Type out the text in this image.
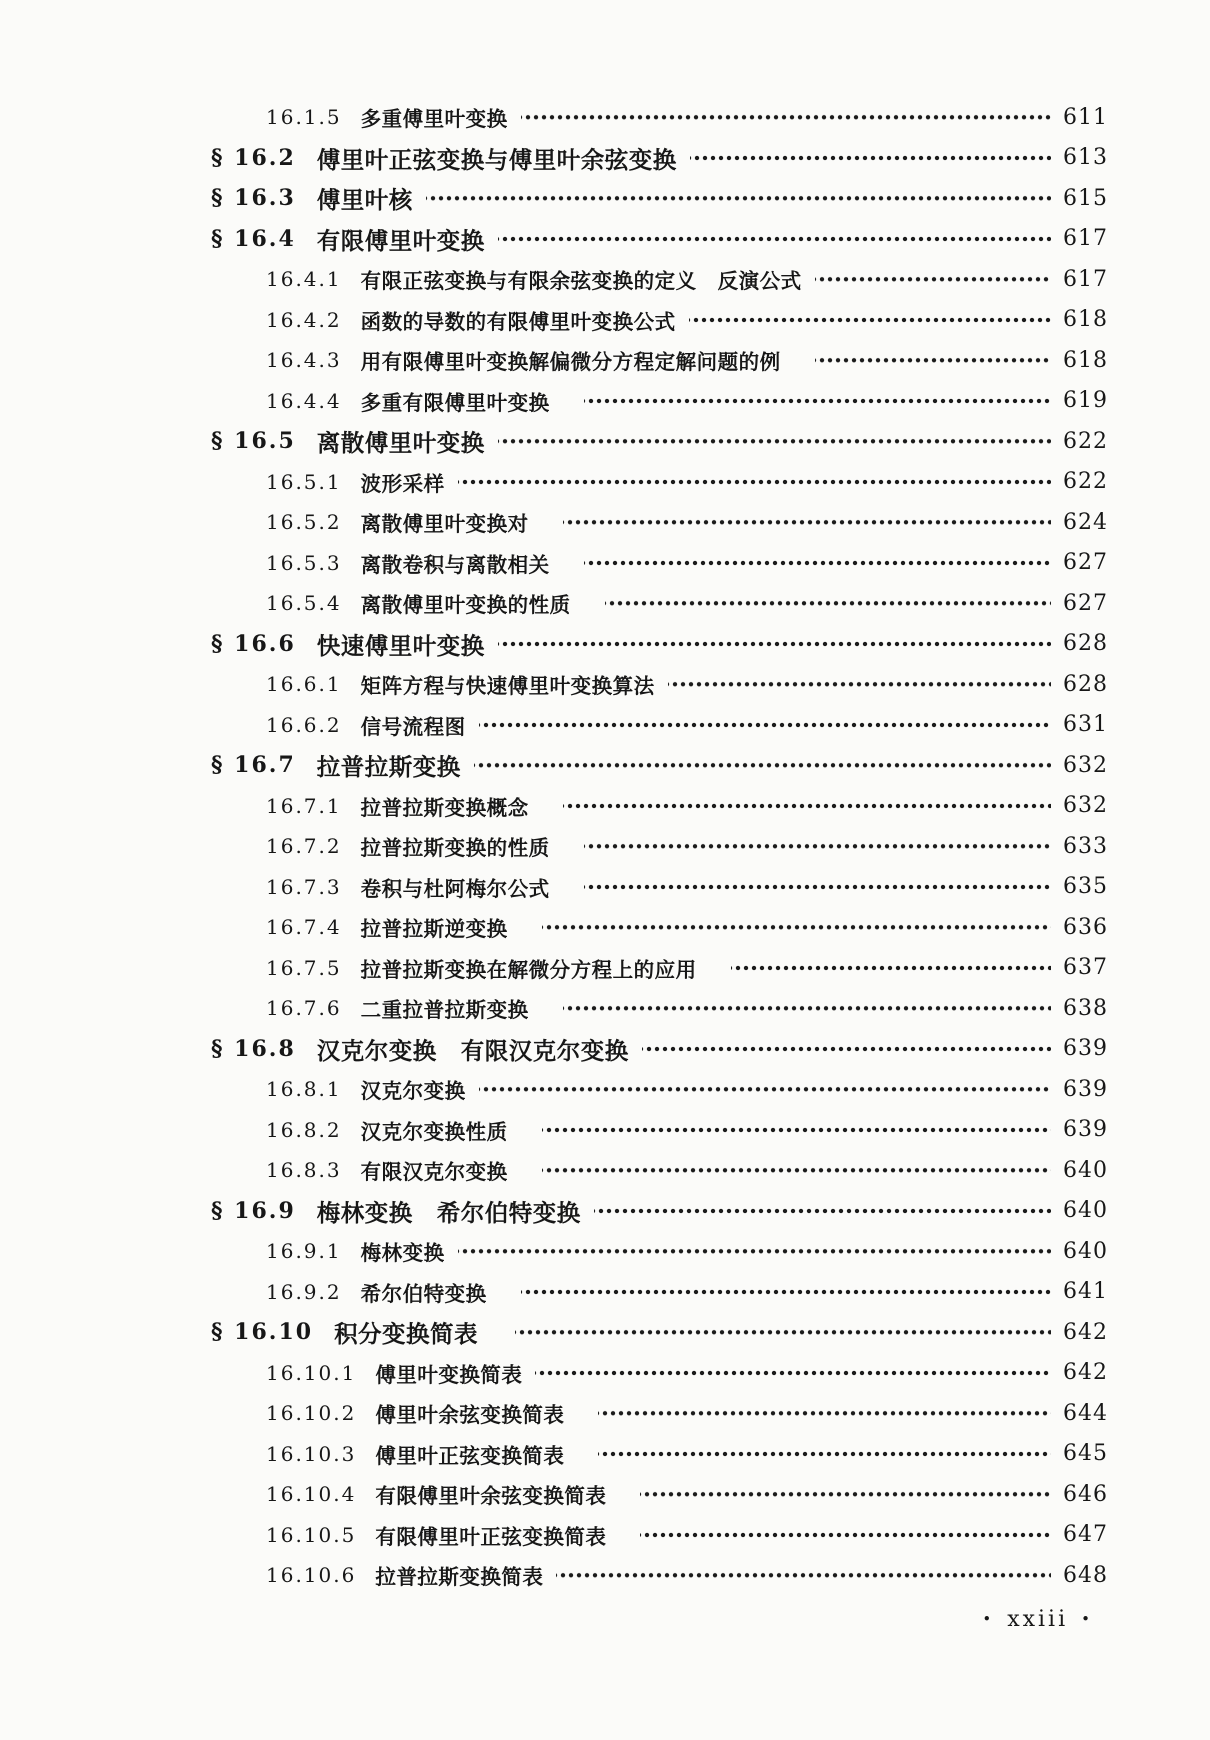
16.1.5 多重傅里叶变换	611
§ 16.2 傅里叶正弦变换与傅里叶余弦变换	613
§ 16.3 傅里叶核	615
§ 16.4 有限傅里叶变换	617
16.4.1 有限正弦变换与有限余弦变换的定义　反演公式	617
16.4.2 函数的导数的有限傅里叶变换公式	618
16.4.3 用有限傅里叶变换解偏微分方程定解问题的例　	618
16.4.4 多重有限傅里叶变换　	619
§ 16.5 离散傅里叶变换	622
16.5.1 波形采样	622
16.5.2 离散傅里叶变换对　	624
16.5.3 离散卷积与离散相关　	627
16.5.4 离散傅里叶变换的性质　	627
§ 16.6 快速傅里叶变换	628
16.6.1 矩阵方程与快速傅里叶变换算法	628
16.6.2 信号流程图	631
§ 16.7 拉普拉斯变换	632
16.7.1 拉普拉斯变换概念　	632
16.7.2 拉普拉斯变换的性质　	633
16.7.3 卷积与杜阿梅尔公式　	635
16.7.4 拉普拉斯逆变换　	636
16.7.5 拉普拉斯变换在解微分方程上的应用　	637
16.7.6 二重拉普拉斯变换　	638
§ 16.8 汉克尔变换　有限汉克尔变换	639
16.8.1 汉克尔变换	639
16.8.2 汉克尔变换性质　	639
16.8.3 有限汉克尔变换　	640
§ 16.9 梅林变换　希尔伯特变换	640
16.9.1 梅林变换	640
16.9.2 希尔伯特变换　	641
§ 16.10 积分变换简表　	642
16.10.1 傅里叶变换简表	642
16.10.2 傅里叶余弦变换简表　	644
16.10.3 傅里叶正弦变换简表　	645
16.10.4 有限傅里叶余弦变换简表　	646
16.10.5 有限傅里叶正弦变换简表　	647
16.10.6 拉普拉斯变换简表	648
• xxiii •
